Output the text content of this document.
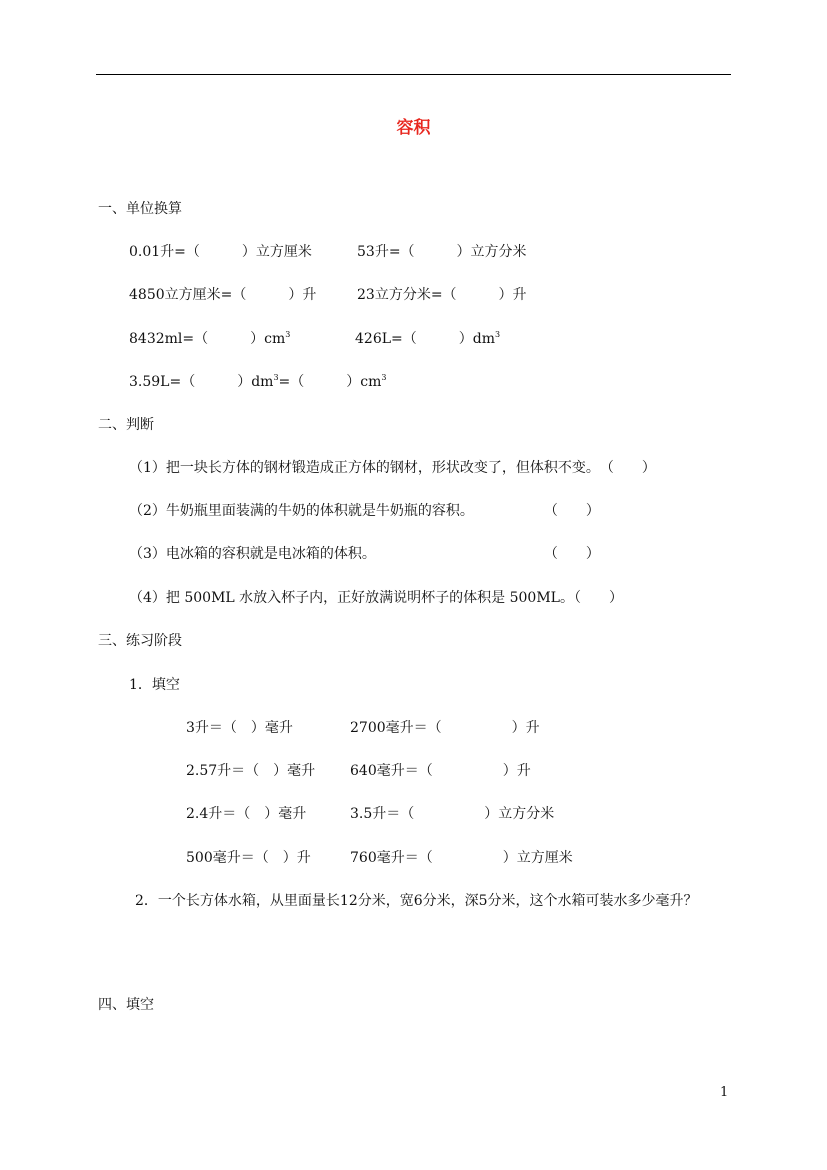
容积
一、单位换算
0.01升=（　　　）立方厘米	53升=（　　　）立方分米
4850立方厘米=（　　　）升	23立方分米=（　　　）升
8432ml=（　　　）$cm^3$	426L=（　　　）$dm^3$
3.59L=（　　　）$dm^3=$（　　　）$cm^3$
二、判断
（1）把一块长方体的钢材锻造成正方体的钢材，形状改变了，但体积不变。　（　　）
（2）牛奶瓶里面装满的牛奶的体积就是牛奶瓶的容积。　　　　　　（　　）
（3）电冰箱的容积就是电冰箱的体积。　　　　　　　　　　　　　（　　）
（4）把 500ML 水放入杯子内，正好放满说明杯子的体积是 500ML。（　　）
三、练习阶段
1．填空
3升＝（　）毫升	2700毫升＝（　　　　　）升
2.57升＝（　）毫升 640毫升＝（　　　　　）升
2.4升＝（　）毫升	3.5升＝（　　　　　）立方分米
500毫升＝（　）升	760毫升＝（　　　　　）立方厘米
2．一个长方体水箱，从里面量长12分米，宽6分米，深5分米，这个水箱可装水多少毫升？
四、填空
1
